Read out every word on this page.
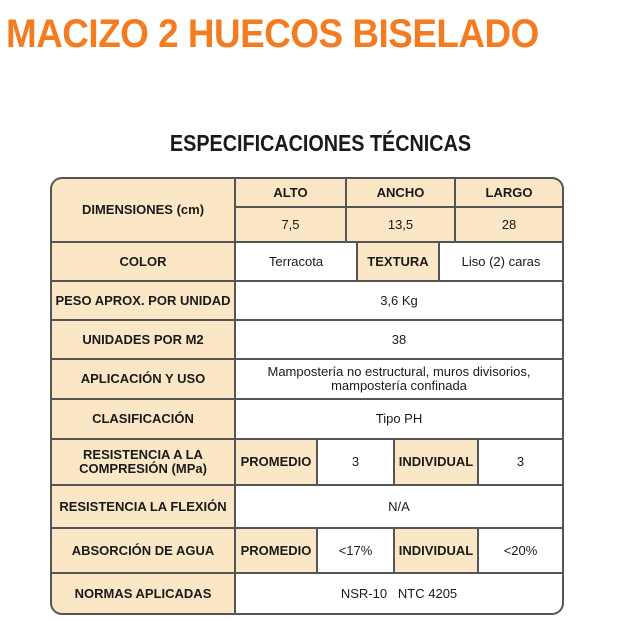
MACIZO 2 HUECOS BISELADO
ESPECIFICACIONES TÉCNICAS
DIMENSIONES (cm)
ALTO	ANCHO	LARGO
7,5	13,5	28
COLOR	Terracota	TEXTURA	Liso (2) caras
PESO APROX. POR UNIDAD	3,6 Kg
UNIDADES POR M2	38
APLICACIÓN Y USO	Mampostería no estructural, muros divisorios,
mampostería confinada
CLASIFICACIÓN	Tipo PH
RESISTENCIA A LA
COMPRESIÓN (MPa)	PROMEDIO	3	INDIVIDUAL	3
RESISTENCIA LA FLEXIÓN	N/A
ABSORCIÓN DE AGUA	PROMEDIO	<17%	INDIVIDUAL	<20%
NORMAS APLICADAS	NSR-10   NTC 4205
